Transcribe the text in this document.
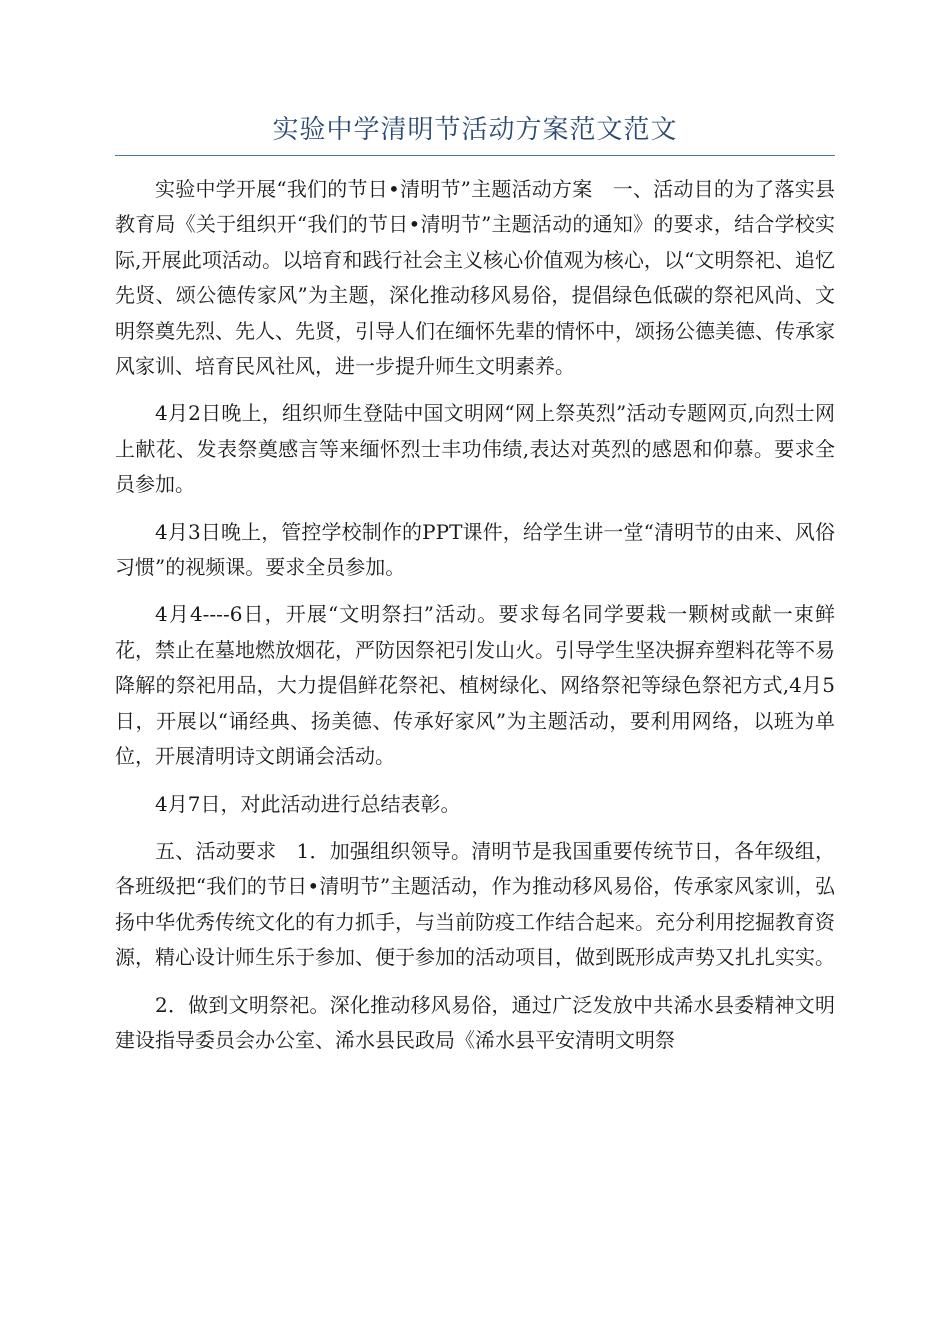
实验中学清明节活动方案范文范文

实验中学开展“我们的节日•清明节”主题活动方案　一、活动目的为了落实县教育局《关于组织开“我们的节日•清明节”主题活动的通知》的要求，结合学校实际,开展此项活动。以培育和践行社会主义核心价值观为核心，以“文明祭祀、追忆先贤、颂公德传家风”为主题，深化推动移风易俗，提倡绿色低碳的祭祀风尚、文明祭奠先烈、先人、先贤，引导人们在缅怀先辈的情怀中，颂扬公德美德、传承家风家训、培育民风社风，进一步提升师生文明素养。

4月2日晚上，组织师生登陆中国文明网“网上祭英烈”活动专题网页,向烈士网上献花、发表祭奠感言等来缅怀烈士丰功伟绩,表达对英烈的感恩和仰慕。要求全员参加。

4月3日晚上，管控学校制作的PPT课件，给学生讲一堂“清明节的由来、风俗习惯”的视频课。要求全员参加。

4月4----6日，开展“文明祭扫”活动。要求每名同学要栽一颗树或献一束鲜花，禁止在墓地燃放烟花，严防因祭祀引发山火。引导学生坚决摒弃塑料花等不易降解的祭祀用品，大力提倡鲜花祭祀、植树绿化、网络祭祀等绿色祭祀方式,4月5日，开展以“诵经典、扬美德、传承好家风”为主题活动，要利用网络，以班为单位，开展清明诗文朗诵会活动。

4月7日，对此活动进行总结表彰。

五、活动要求　1．加强组织领导。清明节是我国重要传统节日，各年级组，各班级把“我们的节日•清明节”主题活动，作为推动移风易俗，传承家风家训，弘扬中华优秀传统文化的有力抓手，与当前防疫工作结合起来。充分利用挖掘教育资源，精心设计师生乐于参加、便于参加的活动项目，做到既形成声势又扎扎实实。

2．做到文明祭祀。深化推动移风易俗，通过广泛发放中共浠水县委精神文明建设指导委员会办公室、浠水县民政局《浠水县平安清明文明祭
